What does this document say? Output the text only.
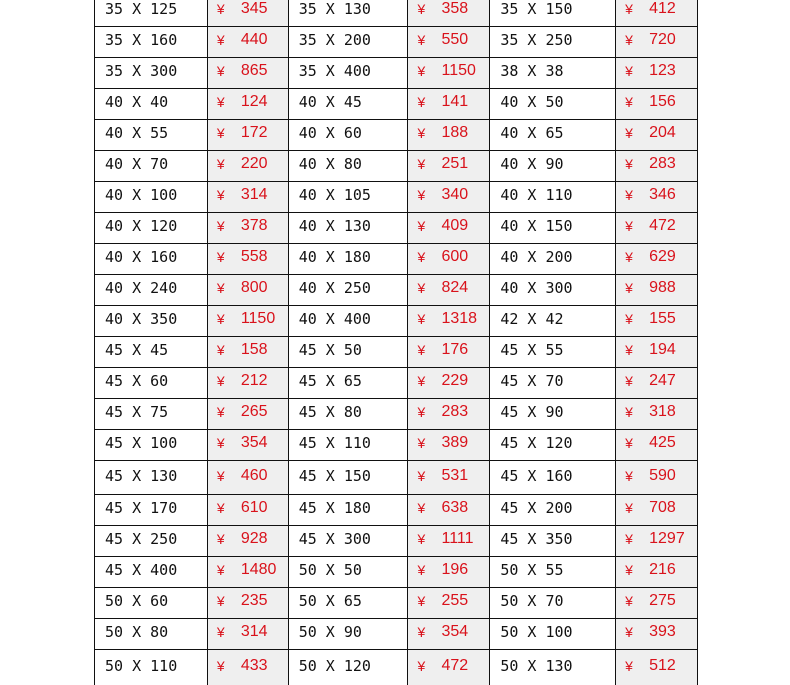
35 X 125	¥	345	35 X 130	¥	358	35 X 150	¥	412
35 X 160	¥	440	35 X 200	¥	550	35 X 250	¥	720
35 X 300	¥	865	35 X 400	¥	1150	38 X 38	¥	123
40 X 40	¥	124	40 X 45	¥	141	40 X 50	¥	156
40 X 55	¥	172	40 X 60	¥	188	40 X 65	¥	204
40 X 70	¥	220	40 X 80	¥	251	40 X 90	¥	283
40 X 100	¥	314	40 X 105	¥	340	40 X 110	¥	346
40 X 120	¥	378	40 X 130	¥	409	40 X 150	¥	472
40 X 160	¥	558	40 X 180	¥	600	40 X 200	¥	629
40 X 240	¥	800	40 X 250	¥	824	40 X 300	¥	988
40 X 350	¥	1150	40 X 400	¥	1318	42 X 42	¥	155
45 X 45	¥	158	45 X 50	¥	176	45 X 55	¥	194
45 X 60	¥	212	45 X 65	¥	229	45 X 70	¥	247
45 X 75	¥	265	45 X 80	¥	283	45 X 90	¥	318
45 X 100	¥	354	45 X 110	¥	389	45 X 120	¥	425
45 X 130	¥	460	45 X 150	¥	531	45 X 160	¥	590
45 X 170	¥	610	45 X 180	¥	638	45 X 200	¥	708
45 X 250	¥	928	45 X 300	¥	1111	45 X 350	¥	1297
45 X 400	¥	1480	50 X 50	¥	196	50 X 55	¥	216
50 X 60	¥	235	50 X 65	¥	255	50 X 70	¥	275
50 X 80	¥	314	50 X 90	¥	354	50 X 100	¥	393
50 X 110	¥	433	50 X 120	¥	472	50 X 130	¥	512
